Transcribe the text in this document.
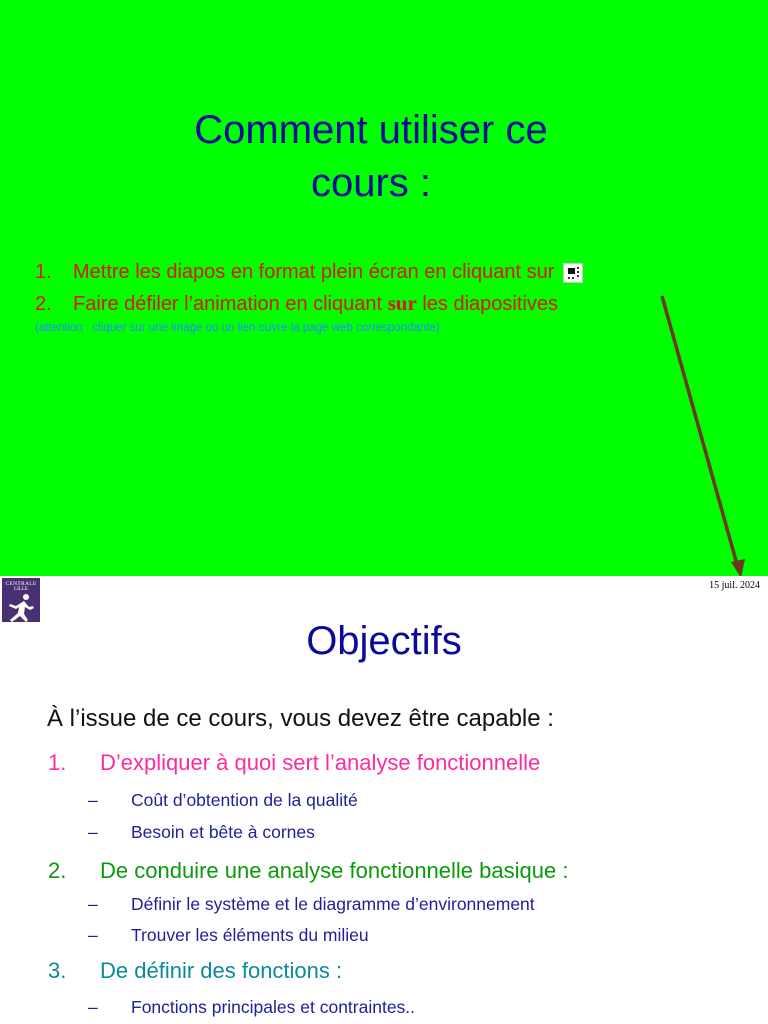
Comment utiliser ce
cours :
1.	Mettre les diapos en format plein écran en cliquant sur
2.	Faire défiler l’animation en cliquant sur les diapositives
(attention : cliquer sur une image ou un lien ouvre la page web correspondante)
CENTRALE
LILLE	15 juil. 2024
Objectifs
À l’issue de ce cours, vous devez être capable :
1. D’expliquer à quoi sert l’analyse fonctionnelle
– Coût d’obtention de la qualité
– Besoin et bête à cornes
2. De conduire une analyse fonctionnelle basique :
– Définir le système et le diagramme d’environnement
– Trouver les éléments du milieu
3. De définir des fonctions :
– Fonctions principales et contraintes..
